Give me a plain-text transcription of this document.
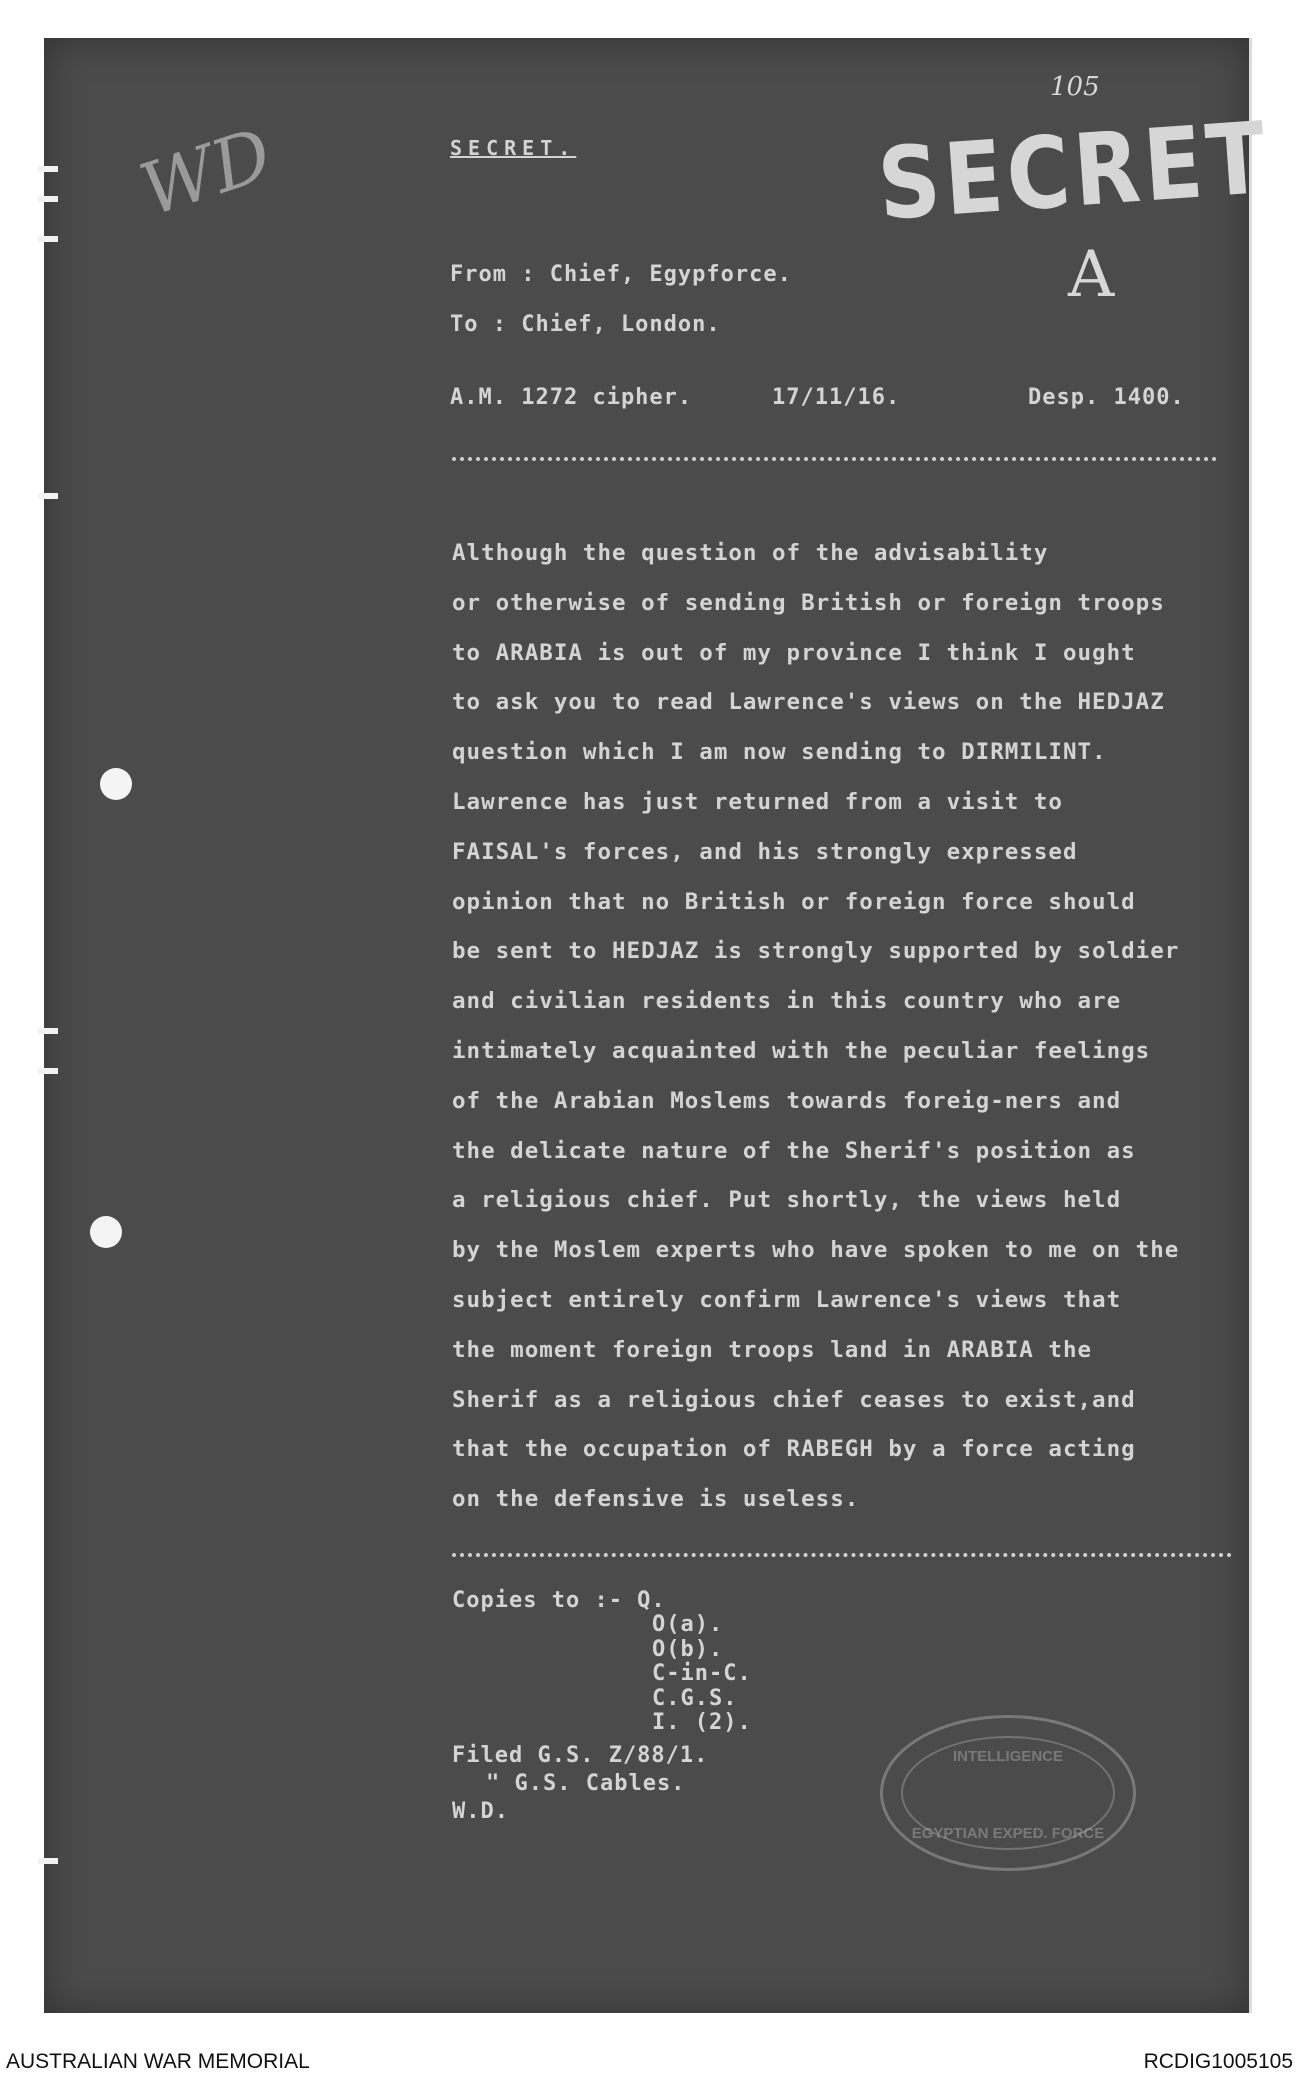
WD
105
A
SECRET
SECRET.
From : Chief, Egypforce.
To : Chief, London.
A.M. 1272 cipher.	17/11/16.	Desp. 1400.
Although the question of the advisability
or otherwise of sending British or foreign troops
to ARABIA is out of my province I think I ought
to ask you to read Lawrence's views on the HEDJAZ
question which I am now sending to DIRMILINT.
Lawrence has just returned from a visit to
FAISAL's forces, and his strongly expressed
opinion that no British or foreign force should
be sent to HEDJAZ is strongly supported by soldier
and civilian residents in this country who are
intimately acquainted with the peculiar feelings
of the Arabian Moslems towards foreig-ners and
the delicate nature of the Sherif's position as
a religious chief. Put shortly, the views held
by the Moslem experts who have spoken to me on the
subject entirely confirm Lawrence's views that
the moment foreign troops land in ARABIA the
Sherif as a religious chief ceases to exist,and
that the occupation of RABEGH by a force acting
on the defensive is useless.
Copies to :- Q.
O(a).
O(b).
C-in-C.
C.G.S.
I. (2).
Filed G.S. Z/88/1.
" G.S. Cables.
W.D.
INTELLIGENCE
EGYPTIAN EXPED. FORCE
AUSTRALIAN WAR MEMORIAL	RCDIG1005105
